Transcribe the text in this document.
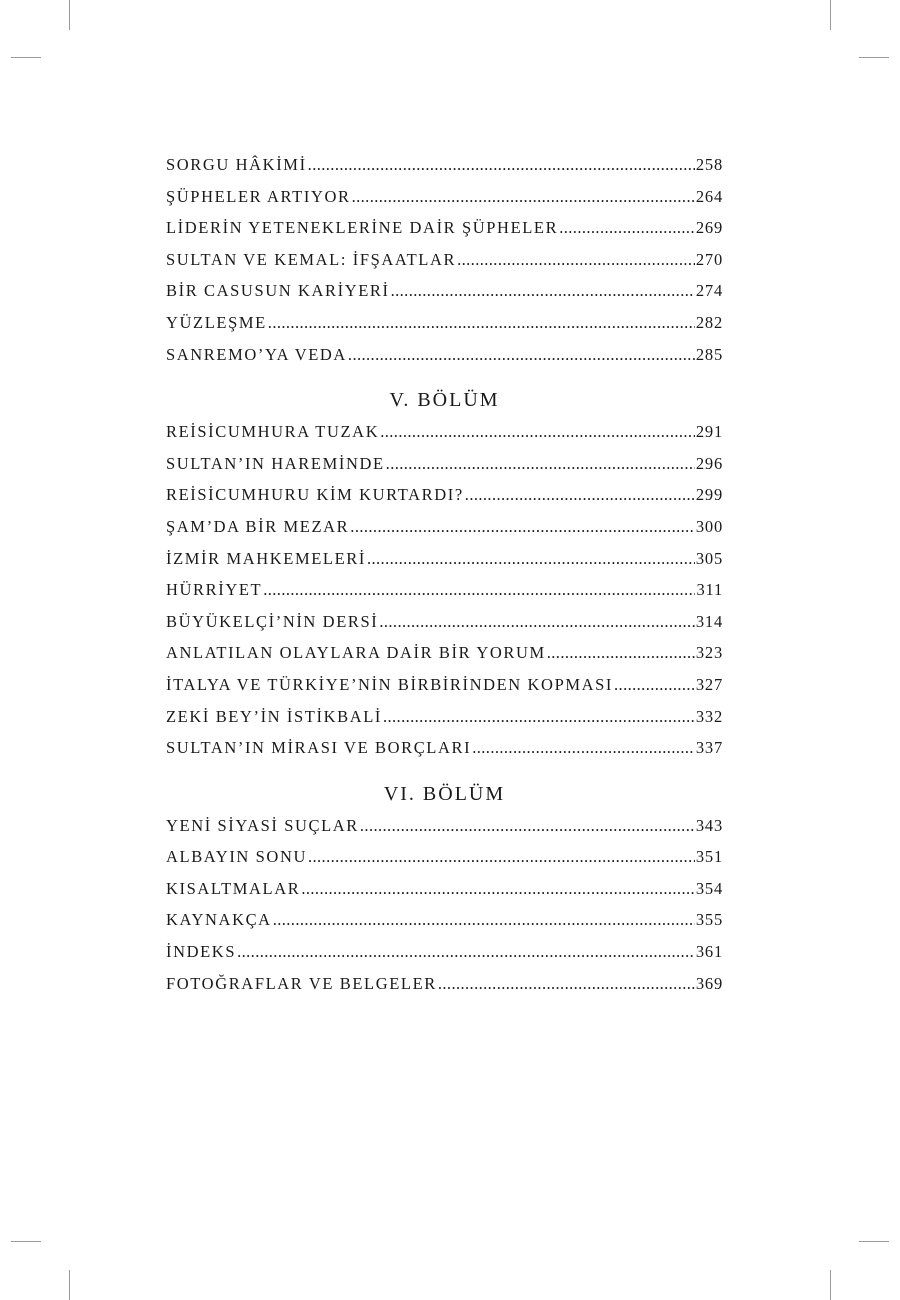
SORGU HÂKİMİ .....	258
ŞÜPHELER ARTIYOR .....	264
LİDERİN YETENEKLERİNE DAİR ŞÜPHELER .....	269
SULTAN VE KEMAL: İFŞAATLAR .....	270
BİR CASUSUN KARİYERİ .....	274
YÜZLEŞME .....	282
SANREMO’YA VEDA .....	285
V. BÖLÜM
REİSİCUMHURA TUZAK .....	291
SULTAN’IN HAREMİNDE .....	296
REİSİCUMHURU KİM KURTARDI? .....	299
ŞAM’DA BİR MEZAR .....	300
İZMİR MAHKEMELERİ .....	305
HÜRRİYET .....	311
BÜYÜKELÇİ’NİN DERSİ .....	314
ANLATILAN OLAYLARA DAİR BİR YORUM .....	323
İTALYA VE TÜRKİYE’NİN BİRBİRİNDEN KOPMASI .....	327
ZEKİ BEY’İN İSTİKBALİ .....	332
SULTAN’IN MİRASI VE BORÇLARI .....	337
VI. BÖLÜM
YENİ SİYASİ SUÇLAR .....	343
ALBAYIN SONU .....	351
KISALTMALAR .....	354
KAYNAKÇA .....	355
İNDEKS .....	361
FOTOĞRAFLAR VE BELGELER .....	369
